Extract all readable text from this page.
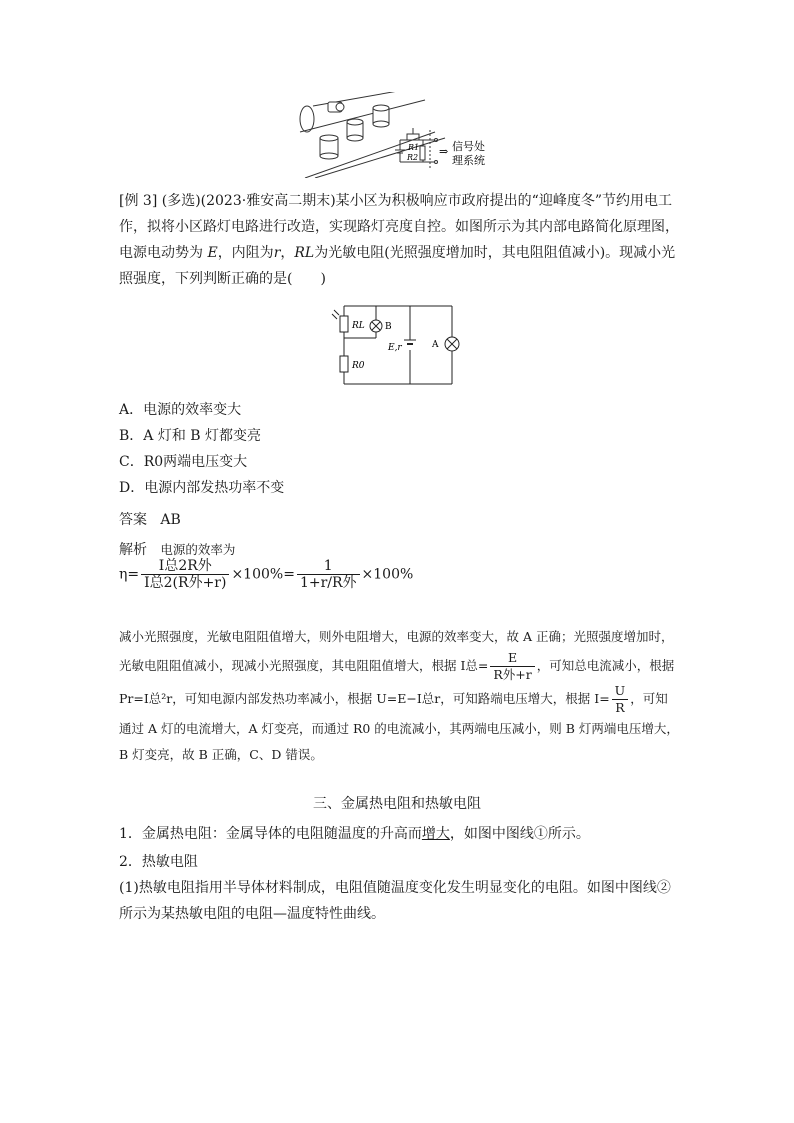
R1
R2 ⇒ 信号处
理系统
[例 3] (多选)(2023·雅安高二期末)某小区为积极响应市政府提出的“迎峰度冬”节约用电工作，拟将小区路灯电路进行改造，实现路灯亮度自控。如图所示为其内部电路简化原理图，电源电动势为 E，内阻为r，RL为光敏电阻(光照强度增加时，其电阻阻值减小)。现减小光照强度，下列判断正确的是(　　)
RL B
E,r	A
R0
A．电源的效率变大
B．A 灯和 B 灯都变亮
C．R0两端电压变大
D．电源内部发热功率不变
答案 AB
解析 电源的效率为
$\eta= \frac{\text{I总2R外}}{\text{I总2(R外+r)}} \times 100\%= \frac{1}{\text{1+r/R外}} \times 100\%$
减小光照强度，光敏电阻阻值增大，则外电阻增大，电源的效率变大，故 A 正确；光照强度增加时，光敏电阻阻值减小，现减小光照强度，其电阻阻值增大，根据 I总= $\frac{E}{\text{R外+r}}$ ，可知总电流减小，根据 Pr=I总²r，可知电源内部发热功率减小，根据 U=E−I总r，可知路端电压增大，根据 $I= \frac{U}{R}$ ，可知通过 A 灯的电流增大，A 灯变亮，而通过 R0 的电流减小，其两端电压减小，则 B 灯两端电压增大，B 灯变亮，故 B 正确，C、D 错误。
三、金属热电阻和热敏电阻
1．金属热电阻：金属导体的电阻随温度的升高而增大，如图中图线①所示。
2．热敏电阻
(1)热敏电阻指用半导体材料制成，电阻值随温度变化发生明显变化的电阻。如图中图线②所示为某热敏电阻的电阻—温度特性曲线。
